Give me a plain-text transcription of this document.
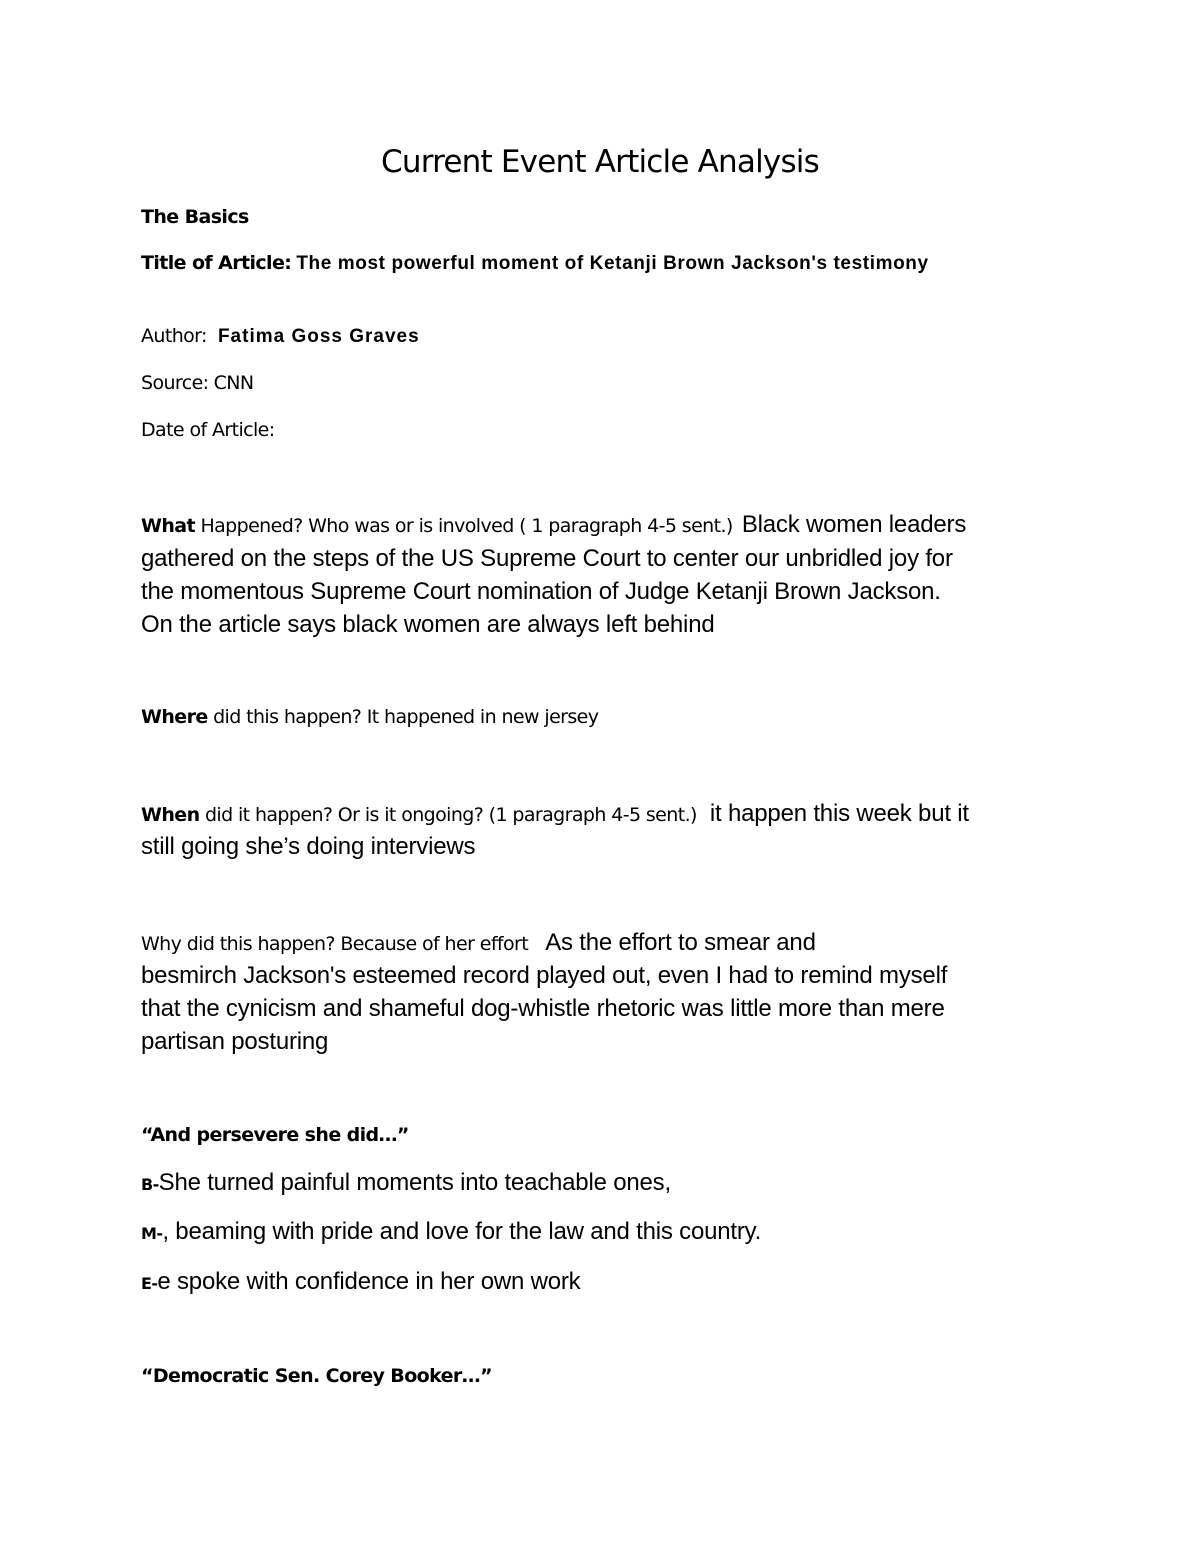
Current Event Article Analysis
The Basics
Title of Article: The most powerful moment of Ketanji Brown Jackson's testimony
Author: Fatima Goss Graves
Source: CNN
Date of Article:
What Happened? Who was or is involved ( 1 paragraph 4-5 sent.) Black women leaders
gathered on the steps of the US Supreme Court to center our unbridled joy for
the momentous Supreme Court nomination of Judge Ketanji Brown Jackson.
On the article says black women are always left behind
Where did this happen? It happened in new jersey
When did it happen? Or is it ongoing? (1 paragraph 4-5 sent.) it happen this week but it
still going she’s doing interviews
Why did this happen? Because of her effort As the effort to smear and
besmirch Jackson's esteemed record played out, even I had to remind myself
that the cynicism and shameful dog-whistle rhetoric was little more than mere
partisan posturing
“And persevere she did…”
B-She turned painful moments into teachable ones,
M-, beaming with pride and love for the law and this country.
E-e spoke with confidence in her own work
“Democratic Sen. Corey Booker…”
